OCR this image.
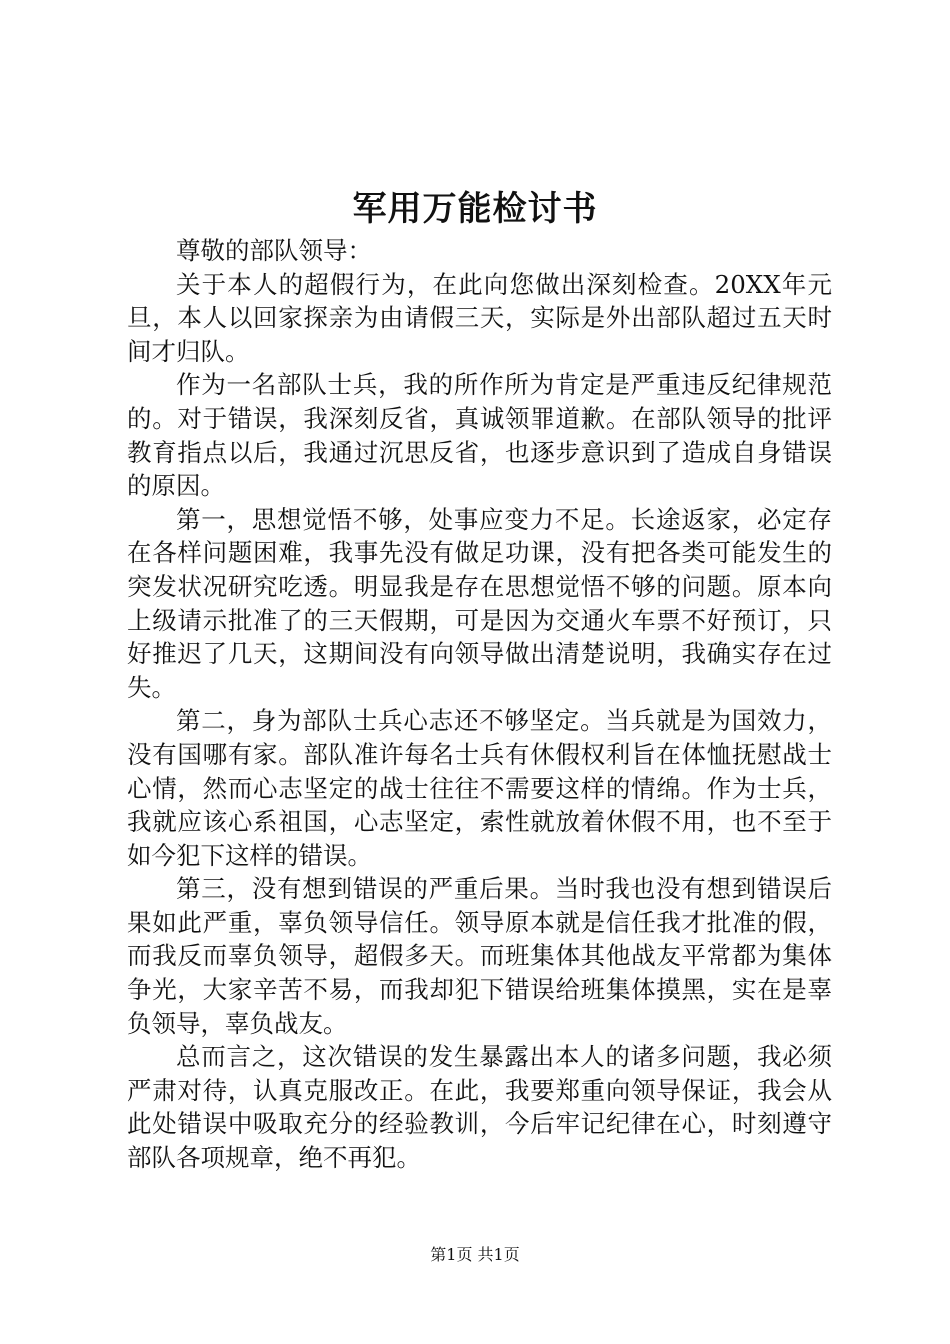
军用万能检讨书

尊敬的部队领导：

关于本人的超假行为，在此向您做出深刻检查。20XX年元旦，本人以回家探亲为由请假三天，实际是外出部队超过五天时间才归队。

作为一名部队士兵，我的所作所为肯定是严重违反纪律规范的。对于错误，我深刻反省，真诚领罪道歉。在部队领导的批评教育指点以后，我通过沉思反省，也逐步意识到了造成自身错误的原因。

第一，思想觉悟不够，处事应变力不足。长途返家，必定存在各样问题困难，我事先没有做足功课，没有把各类可能发生的突发状况研究吃透。明显我是存在思想觉悟不够的问题。原本向上级请示批准了的三天假期，可是因为交通火车票不好预订，只好推迟了几天，这期间没有向领导做出清楚说明，我确实存在过失。

第二，身为部队士兵心志还不够坚定。当兵就是为国效力，没有国哪有家。部队准许每名士兵有休假权利旨在体恤抚慰战士心情，然而心志坚定的战士往往不需要这样的情绵。作为士兵，我就应该心系祖国，心志坚定，索性就放着休假不用，也不至于如今犯下这样的错误。

第三，没有想到错误的严重后果。当时我也没有想到错误后果如此严重，辜负领导信任。领导原本就是信任我才批准的假，而我反而辜负领导，超假多天。而班集体其他战友平常都为集体争光，大家辛苦不易，而我却犯下错误给班集体摸黑，实在是辜负领导，辜负战友。

总而言之，这次错误的发生暴露出本人的诸多问题，我必须严肃对待，认真克服改正。在此，我要郑重向领导保证，我会从此处错误中吸取充分的经验教训，今后牢记纪律在心，时刻遵守部队各项规章，绝不再犯。

第1页 共1页
